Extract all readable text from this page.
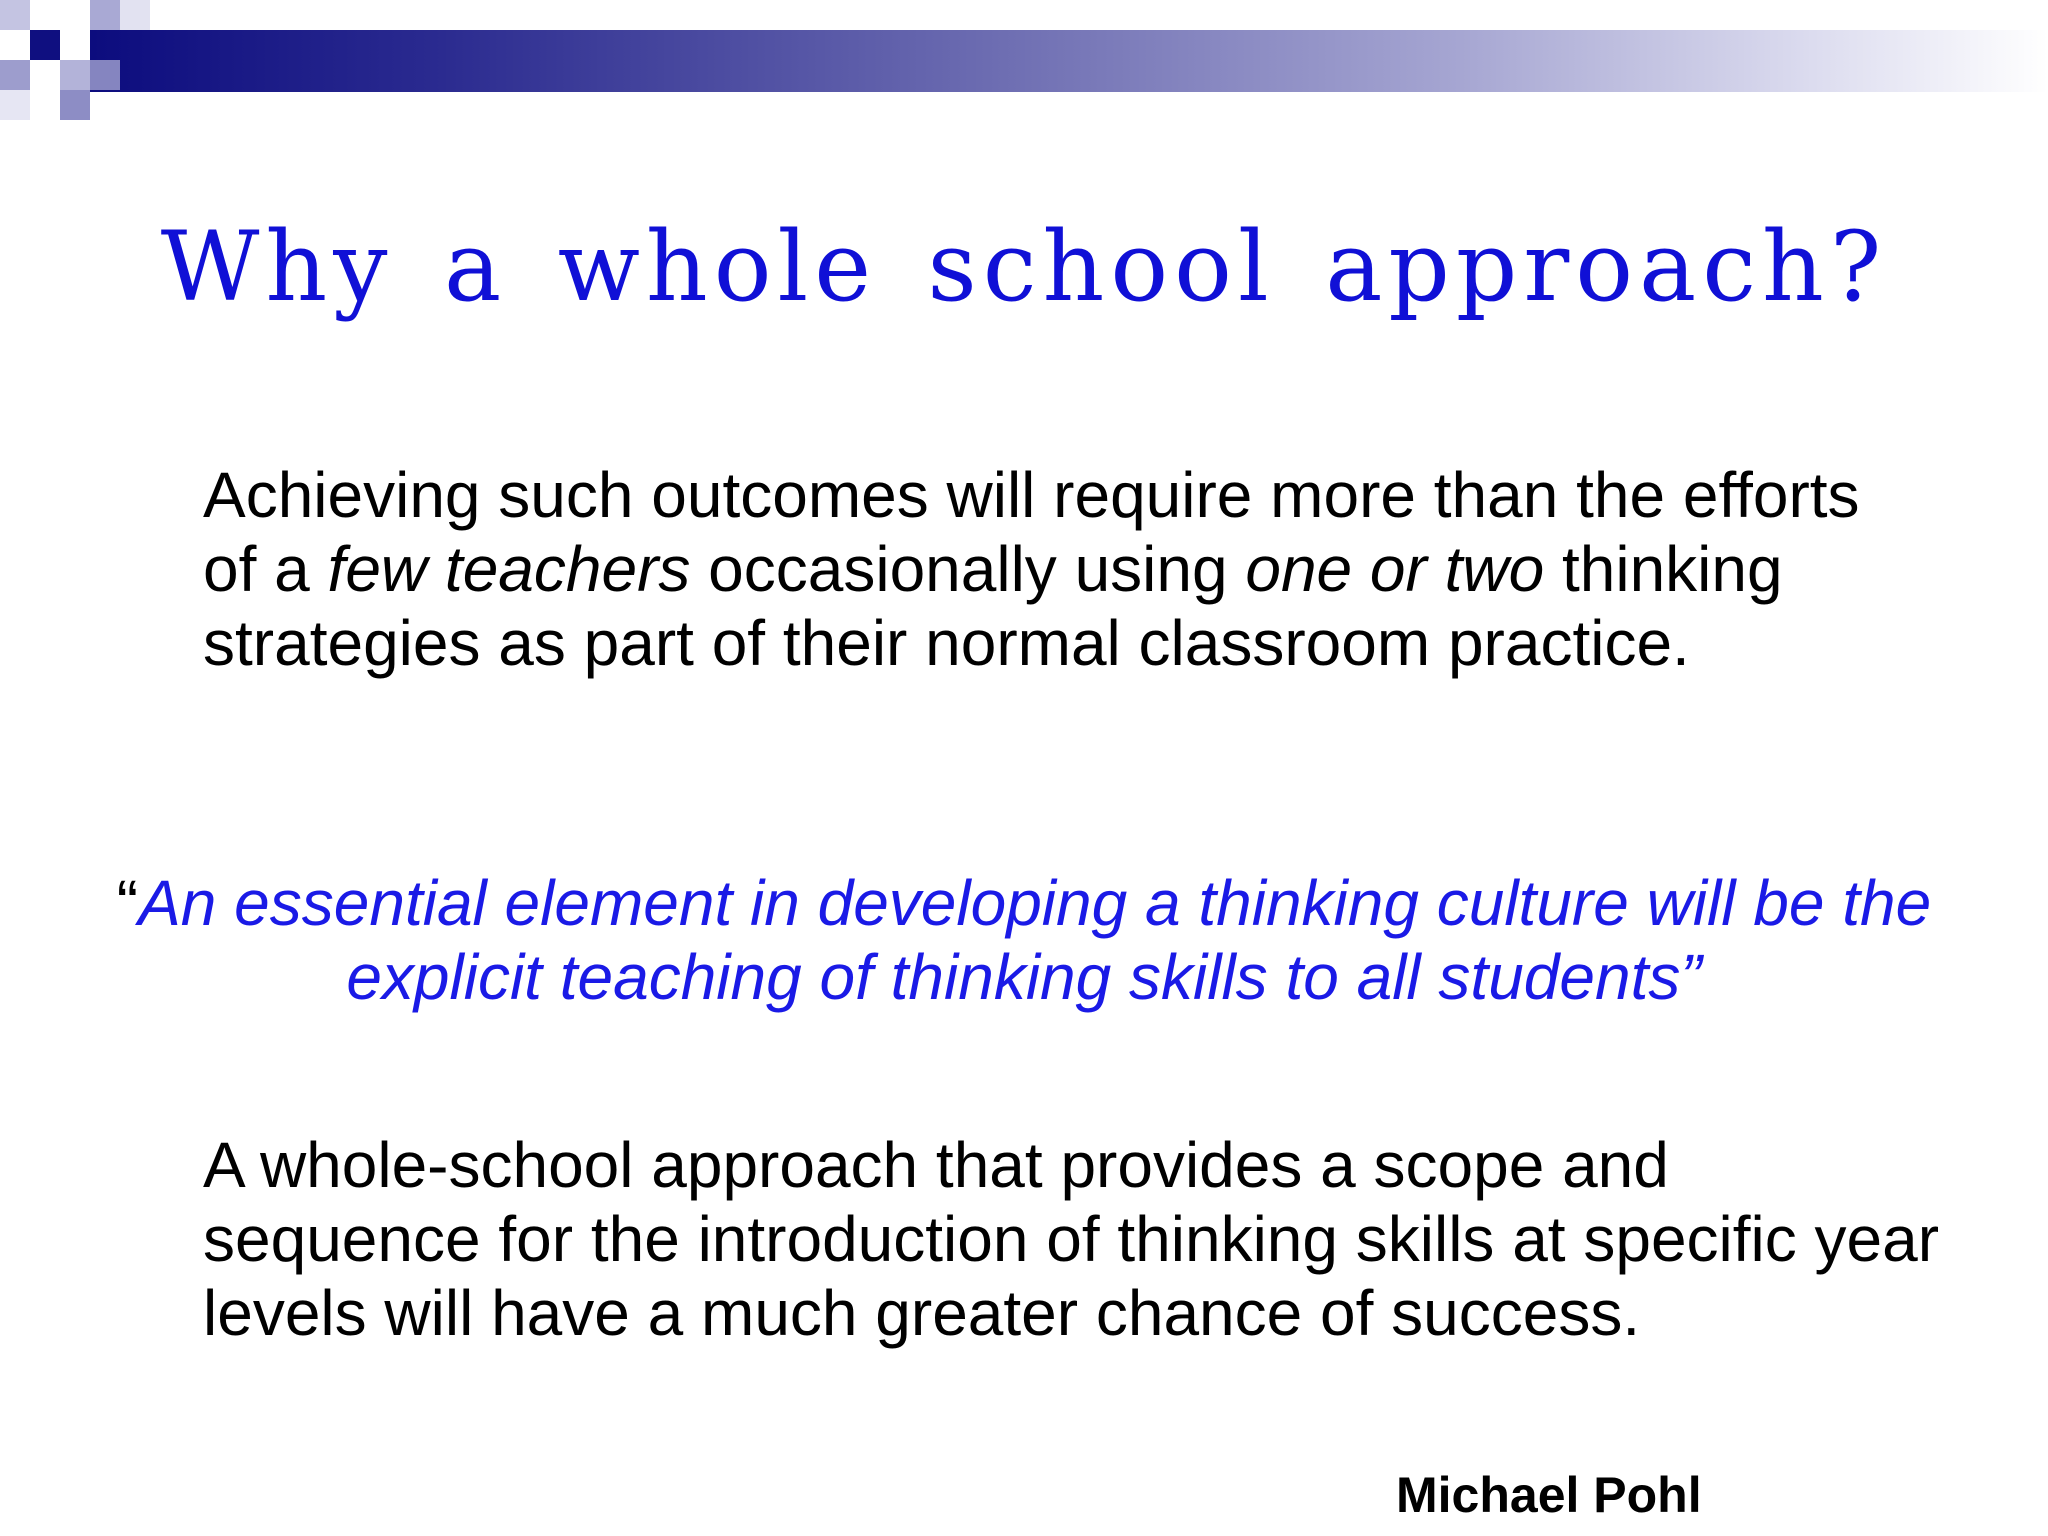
Why a whole school approach?
Achieving such outcomes will require more than the efforts of a few teachers occasionally using one or two thinking strategies as part of their normal classroom practice.
“An essential element in developing a thinking culture will be the explicit teaching of thinking skills to all students”
A whole-school approach that provides a scope and sequence for the introduction of thinking skills at specific year levels will have a much greater chance of success.
Michael Pohl
